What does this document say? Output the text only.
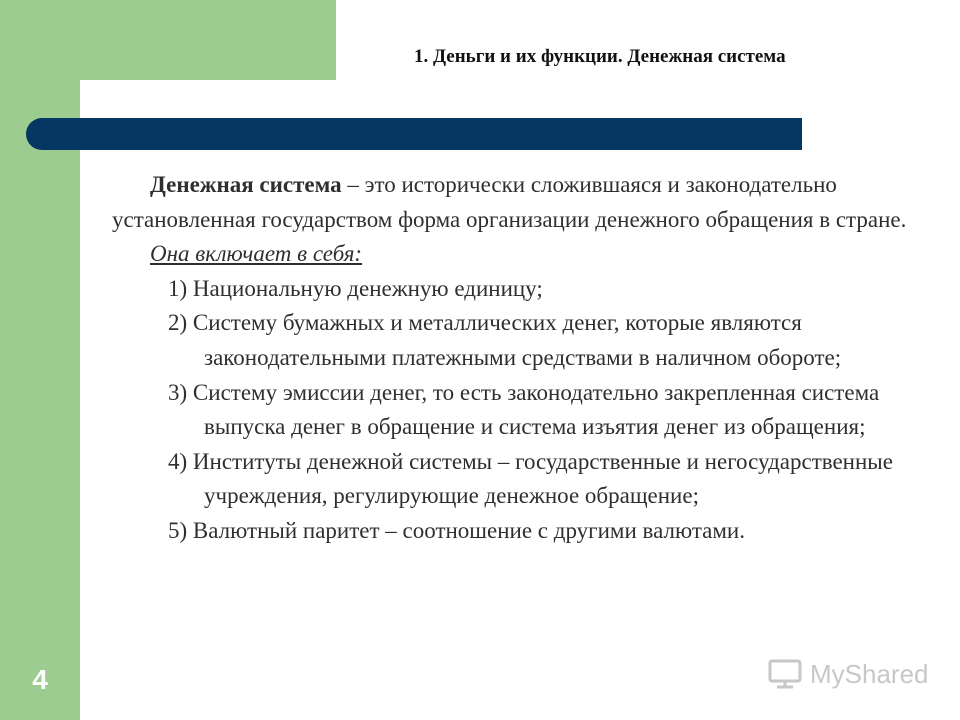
1. Деньги и их функции. Денежная система

Денежная система – это исторически сложившаяся и законодательно установленная государством форма организации денежного обращения в стране.

Она включает в себя:

1) Национальную денежную единицу;

2) Систему бумажных и металлических денег, которые являются законодательными платежными средствами в наличном обороте;

3) Систему эмиссии денег, то есть законодательно закрепленная система выпуска денег в обращение и система изъятия денег из обращения;

4) Институты денежной системы – государственные и негосударственные учреждения, регулирующие денежное обращение;

5) Валютный паритет – соотношение с другими валютами.

4	MyShared
